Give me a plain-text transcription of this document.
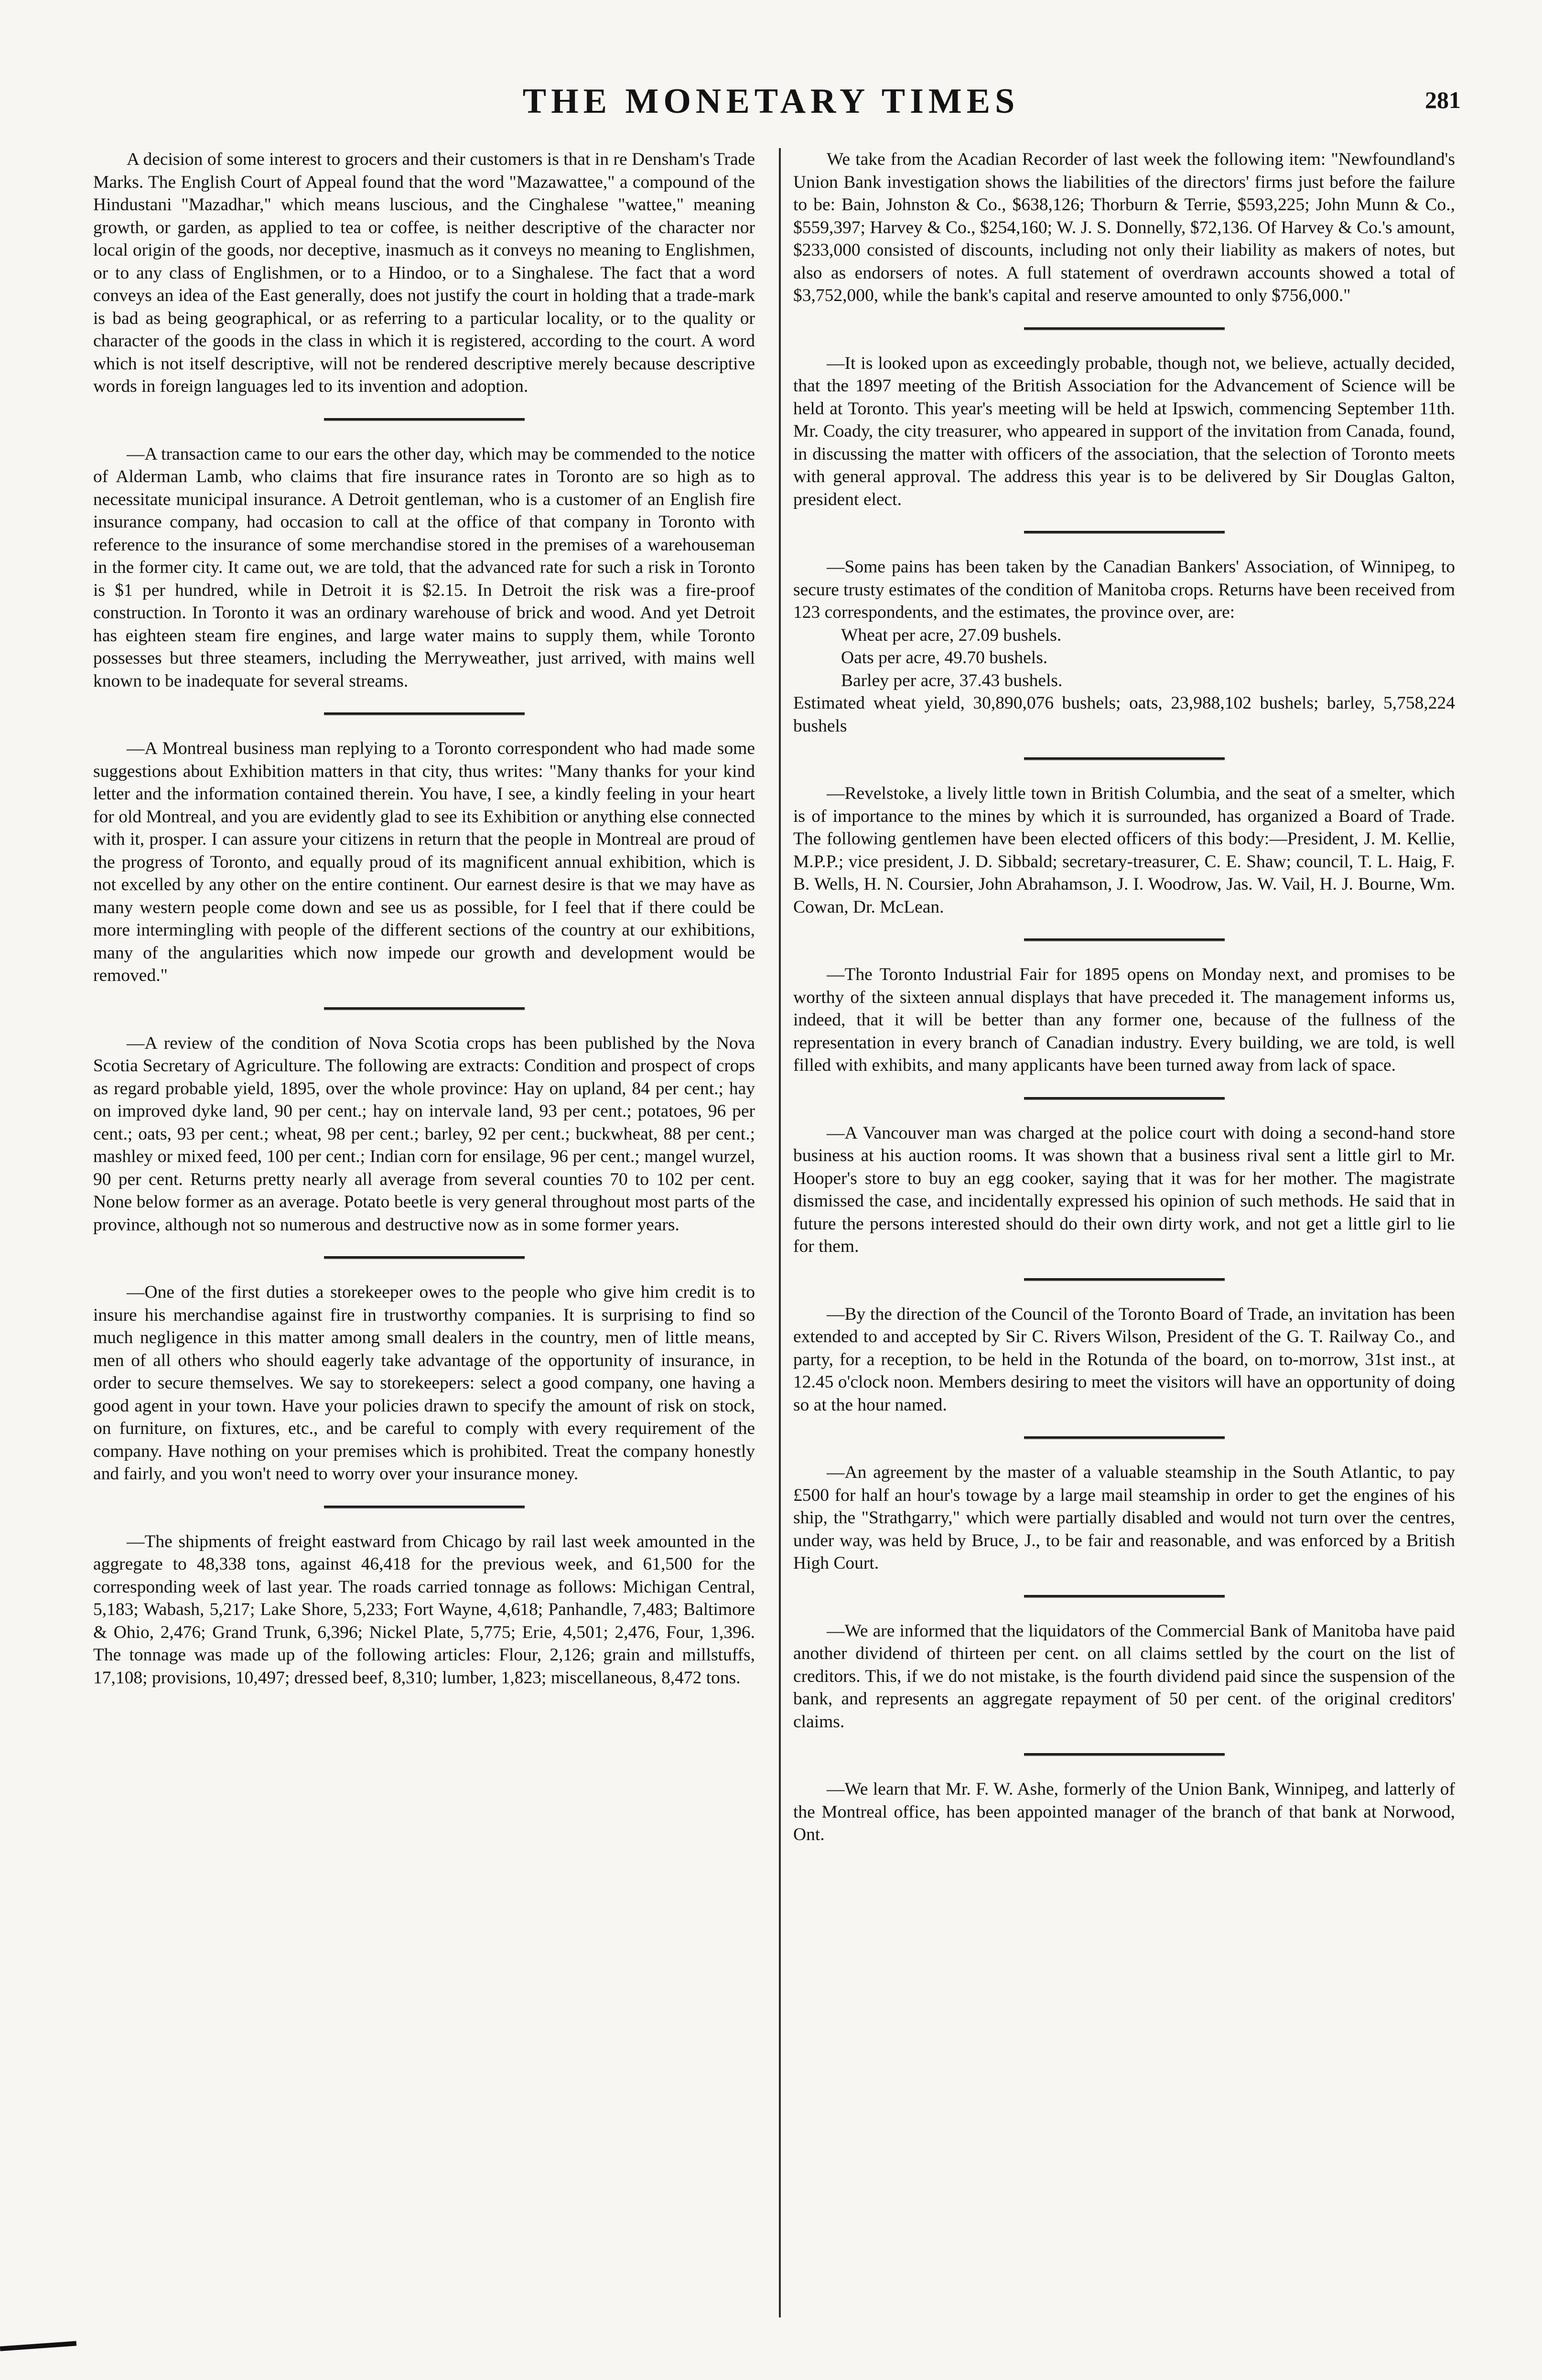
THE MONETARY TIMES	281

A decision of some interest to grocers and their customers is that in re Densham's Trade Marks. The English Court of Appeal found that the word "Mazawattee," a compound of the Hindustani "Mazadhar," which means luscious, and the Cinghalese "wattee," meaning growth, or garden, as applied to tea or coffee, is neither descriptive of the character nor local origin of the goods, nor deceptive, inasmuch as it conveys no meaning to Englishmen, or to any class of Englishmen, or to a Hindoo, or to a Singhalese. The fact that a word conveys an idea of the East generally, does not justify the court in holding that a trade-mark is bad as being geographical, or as referring to a particular locality, or to the quality or character of the goods in the class in which it is registered, according to the court. A word which is not itself descriptive, will not be rendered descriptive merely because descriptive words in foreign languages led to its invention and adoption.

—A transaction came to our ears the other day, which may be commended to the notice of Alderman Lamb, who claims that fire insurance rates in Toronto are so high as to necessitate municipal insurance. A Detroit gentleman, who is a customer of an English fire insurance company, had occasion to call at the office of that company in Toronto with reference to the insurance of some merchandise stored in the premises of a warehouseman in the former city. It came out, we are told, that the advanced rate for such a risk in Toronto is $1 per hundred, while in Detroit it is $2.15. In Detroit the risk was a fire-proof construction. In Toronto it was an ordinary warehouse of brick and wood. And yet Detroit has eighteen steam fire engines, and large water mains to supply them, while Toronto possesses but three steamers, including the Merryweather, just arrived, with mains well known to be inadequate for several streams.

—A Montreal business man replying to a Toronto correspondent who had made some suggestions about Exhibition matters in that city, thus writes: "Many thanks for your kind letter and the information contained therein. You have, I see, a kindly feeling in your heart for old Montreal, and you are evidently glad to see its Exhibition or anything else connected with it, prosper. I can assure your citizens in return that the people in Montreal are proud of the progress of Toronto, and equally proud of its magnificent annual exhibition, which is not excelled by any other on the entire continent. Our earnest desire is that we may have as many western people come down and see us as possible, for I feel that if there could be more intermingling with people of the different sections of the country at our exhibitions, many of the angularities which now impede our growth and development would be removed."

—A review of the condition of Nova Scotia crops has been published by the Nova Scotia Secretary of Agriculture. The following are extracts: Condition and prospect of crops as regard probable yield, 1895, over the whole province: Hay on upland, 84 per cent.; hay on improved dyke land, 90 per cent.; hay on intervale land, 93 per cent.; potatoes, 96 per cent.; oats, 93 per cent.; wheat, 98 per cent.; barley, 92 per cent.; buckwheat, 88 per cent.; mashley or mixed feed, 100 per cent.; Indian corn for ensilage, 96 per cent.; mangel wurzel, 90 per cent. Returns pretty nearly all average from several counties 70 to 102 per cent. None below former as an average. Potato beetle is very general throughout most parts of the province, although not so numerous and destructive now as in some former years.

—One of the first duties a storekeeper owes to the people who give him credit is to insure his merchandise against fire in trustworthy companies. It is surprising to find so much negligence in this matter among small dealers in the country, men of little means, men of all others who should eagerly take advantage of the opportunity of insurance, in order to secure themselves. We say to storekeepers: select a good company, one having a good agent in your town. Have your policies drawn to specify the amount of risk on stock, on furniture, on fixtures, etc., and be careful to comply with every requirement of the company. Have nothing on your premises which is prohibited. Treat the company honestly and fairly, and you won't need to worry over your insurance money.

—The shipments of freight eastward from Chicago by rail last week amounted in the aggregate to 48,338 tons, against 46,418 for the previous week, and 61,500 for the corresponding week of last year. The roads carried tonnage as follows: Michigan Central, 5,183; Wabash, 5,217; Lake Shore, 5,233; Fort Wayne, 4,618; Panhandle, 7,483; Baltimore & Ohio, 2,476; Grand Trunk, 6,396; Nickel Plate, 5,775; Erie, 4,501; 2,476, Four, 1,396. The tonnage was made up of the following articles: Flour, 2,126; grain and millstuffs, 17,108; provisions, 10,497; dressed beef, 8,310; lumber, 1,823; miscellaneous, 8,472 tons.

We take from the Acadian Recorder of last week the following item: "Newfoundland's Union Bank investigation shows the liabilities of the directors' firms just before the failure to be: Bain, Johnston & Co., $638,126; Thorburn & Terrie, $593,225; John Munn & Co., $559,397; Harvey & Co., $254,160; W. J. S. Donnelly, $72,136. Of Harvey & Co.'s amount, $233,000 consisted of discounts, including not only their liability as makers of notes, but also as endorsers of notes. A full statement of overdrawn accounts showed a total of $3,752,000, while the bank's capital and reserve amounted to only $756,000."

—It is looked upon as exceedingly probable, though not, we believe, actually decided, that the 1897 meeting of the British Association for the Advancement of Science will be held at Toronto. This year's meeting will be held at Ipswich, commencing September 11th. Mr. Coady, the city treasurer, who appeared in support of the invitation from Canada, found, in discussing the matter with officers of the association, that the selection of Toronto meets with general approval. The address this year is to be delivered by Sir Douglas Galton, president elect.

—Some pains has been taken by the Canadian Bankers' Association, of Winnipeg, to secure trusty estimates of the condition of Manitoba crops. Returns have been received from 123 correspondents, and the estimates, the province over, are:

Wheat per acre, 27.09 bushels.
Oats per acre, 49.70 bushels.
Barley per acre, 37.43 bushels.

Estimated wheat yield, 30,890,076 bushels; oats, 23,988,102 bushels; barley, 5,758,224 bushels

—Revelstoke, a lively little town in British Columbia, and the seat of a smelter, which is of importance to the mines by which it is surrounded, has organized a Board of Trade. The following gentlemen have been elected officers of this body:—President, J. M. Kellie, M.P.P.; vice president, J. D. Sibbald; secretary-treasurer, C. E. Shaw; council, T. L. Haig, F. B. Wells, H. N. Coursier, John Abrahamson, J. I. Woodrow, Jas. W. Vail, H. J. Bourne, Wm. Cowan, Dr. McLean.

—The Toronto Industrial Fair for 1895 opens on Monday next, and promises to be worthy of the sixteen annual displays that have preceded it. The management informs us, indeed, that it will be better than any former one, because of the fullness of the representation in every branch of Canadian industry. Every building, we are told, is well filled with exhibits, and many applicants have been turned away from lack of space.

—A Vancouver man was charged at the police court with doing a second-hand store business at his auction rooms. It was shown that a business rival sent a little girl to Mr. Hooper's store to buy an egg cooker, saying that it was for her mother. The magistrate dismissed the case, and incidentally expressed his opinion of such methods. He said that in future the persons interested should do their own dirty work, and not get a little girl to lie for them.

—By the direction of the Council of the Toronto Board of Trade, an invitation has been extended to and accepted by Sir C. Rivers Wilson, President of the G. T. Railway Co., and party, for a reception, to be held in the Rotunda of the board, on to-morrow, 31st inst., at 12.45 o'clock noon. Members desiring to meet the visitors will have an opportunity of doing so at the hour named.

—An agreement by the master of a valuable steamship in the South Atlantic, to pay £500 for half an hour's towage by a large mail steamship in order to get the engines of his ship, the "Strathgarry," which were partially disabled and would not turn over the centres, under way, was held by Bruce, J., to be fair and reasonable, and was enforced by a British High Court.

—We are informed that the liquidators of the Commercial Bank of Manitoba have paid another dividend of thirteen per cent. on all claims settled by the court on the list of creditors. This, if we do not mistake, is the fourth dividend paid since the suspension of the bank, and represents an aggregate repayment of 50 per cent. of the original creditors' claims.

—We learn that Mr. F. W. Ashe, formerly of the Union Bank, Winnipeg, and latterly of the Montreal office, has been appointed manager of the branch of that bank at Norwood, Ont.
